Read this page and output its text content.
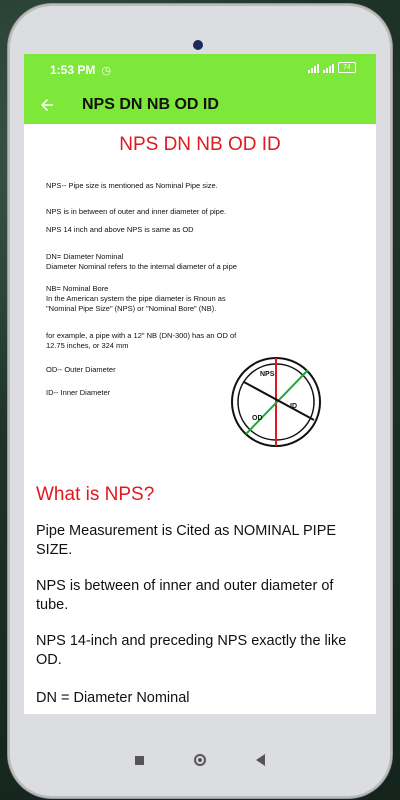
1:53 PM ◷	74
NPS DN NB OD ID
NPS DN NB OD ID
NPS-- Pipe size is mentioned as Nominal Pipe size.
NPS is in between of outer and inner diameter of pipe.
NPS 14 inch and above NPS is same as OD
DN= Diameter Nominal
Diameter Nominal refers to the internal diameter of a pipe
NB= Nominal Bore
In the American system the pipe diameter is Rnoun as
"Nominal Pipe Size" (NPS) or "Nominal Bore" (NB).
for example, a pipe with a 12" NB (DN-300) has an OD of
12.75 inches, or 324 mm
OD-- Outer Diameter
ID-- Inner Diameter
NPS
ID
OD
What is NPS?
Pipe Measurement is Cited as NOMINAL PIPE SIZE.
NPS is between of inner and outer diameter of tube.
NPS 14-inch and preceding NPS exactly the like OD.
DN = Diameter Nominal
